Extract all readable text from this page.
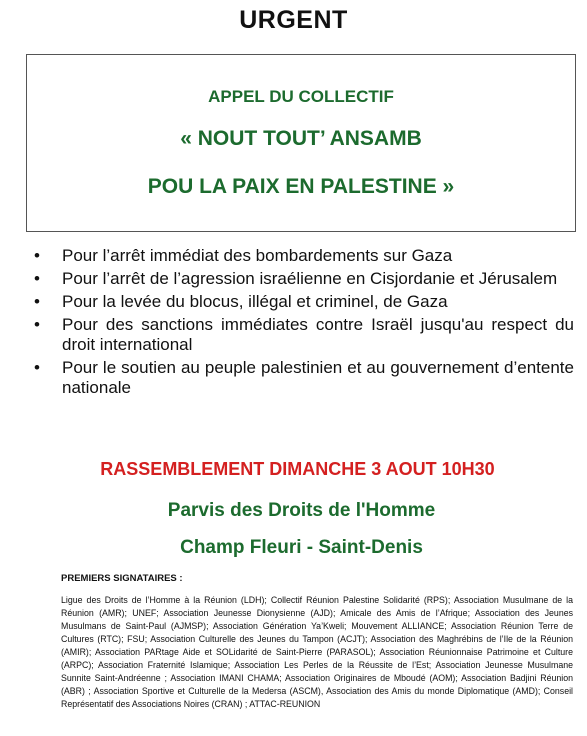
URGENT
APPEL DU COLLECTIF
« NOUT TOUT’ ANSAMB
POU LA PAIX EN PALESTINE »
• Pour l’arrêt immédiat des bombardements sur Gaza
• Pour l’arrêt de l’agression israélienne en Cisjordanie et Jérusalem
• Pour la levée du blocus, illégal et criminel, de Gaza
• Pour des sanctions immédiates contre Israël jusqu'au respect du droit international
• Pour le soutien au peuple palestinien et au gouvernement d’entente nationale
RASSEMBLEMENT DIMANCHE 3 AOUT 10H30
Parvis des Droits de l'Homme
Champ Fleuri - Saint-Denis
PREMIERS SIGNATAIRES :
Ligue des Droits de l’Homme à la Réunion (LDH); Collectif Réunion Palestine Solidarité (RPS); Association Musulmane de la Réunion (AMR); UNEF; Association Jeunesse Dionysienne (AJD); Amicale des Amis de l’Afrique; Association des Jeunes Musulmans de Saint-Paul (AJMSP); Association Génération Ya’Kweli; Mouvement ALLIANCE; Association Réunion Terre de Cultures (RTC); FSU; Association Culturelle des Jeunes du Tampon (ACJT); Association des Maghrébins de l’Ile de la Réunion (AMIR); Association PARtage Aide et SOLidarité de Saint-Pierre (PARASOL); Association Réunionnaise Patrimoine et Culture (ARPC); Association Fraternité Islamique; Association Les Perles de la Réussite de l’Est; Association Jeunesse Musulmane Sunnite Saint-Andréenne ; Association IMANI CHAMA; Association Originaires de Mboudé (AOM); Association Badjini Réunion (ABR) ; Association Sportive et Culturelle de la Medersa (ASCM), Association des Amis du monde Diplomatique (AMD); Conseil Représentatif des Associations Noires (CRAN) ; ATTAC-REUNION
